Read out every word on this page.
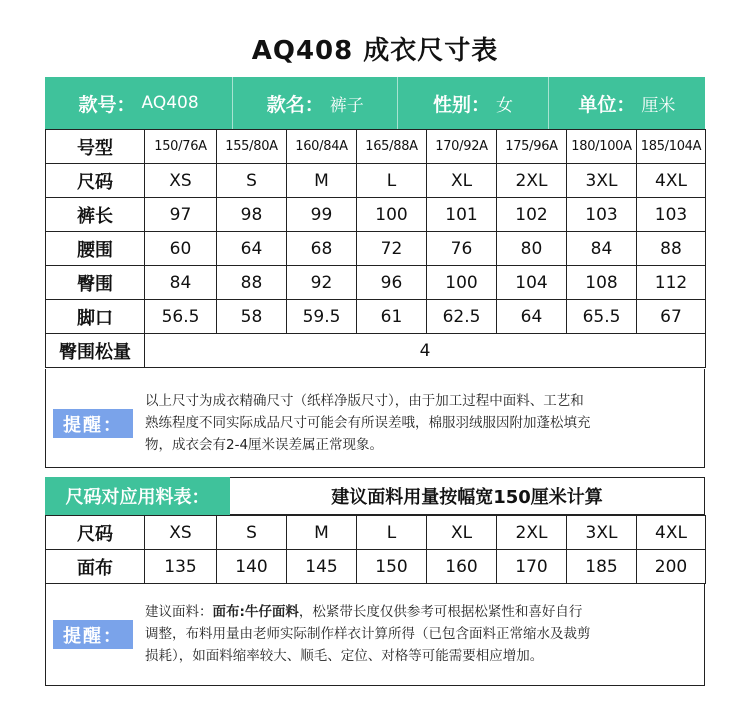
AQ408 成衣尺寸表
款号： AQ408	款名： 裤子	性别： 女	单位： 厘米
号型	150/76A	155/80A	160/84A	165/88A	170/92A	175/96A	180/100A	185/104A
尺码	XS	S	M	L	XL	2XL	3XL	4XL
裤长	97	98	99	100	101	102	103	103
腰围	60	64	68	72	76	80	84	88
臀围	84	88	92	96	100	104	108	112
脚口	56.5	58	59.5	61	62.5	64	65.5	67
臀围松量	4							
提醒：
以上尺寸为成衣精确尺寸（纸样净版尺寸），由于加工过程中面料、工艺和
熟练程度不同实际成品尺寸可能会有所误差哦，棉服羽绒服因附加蓬松填充
物，成衣会有2-4厘米误差属正常现象。
尺码对应用料表：	建议面料用量按幅宽150厘米计算
尺码	XS	S	M	L	XL	2XL	3XL	4XL
面布	135	140	145	150	160	170	185	200
提醒：
建议面料：面布:牛仔面料，松紧带长度仅供参考可根据松紧性和喜好自行
调整，布料用量由老师实际制作样衣计算所得（已包含面料正常缩水及裁剪
损耗），如面料缩率较大、顺毛、定位、对格等可能需要相应增加。
